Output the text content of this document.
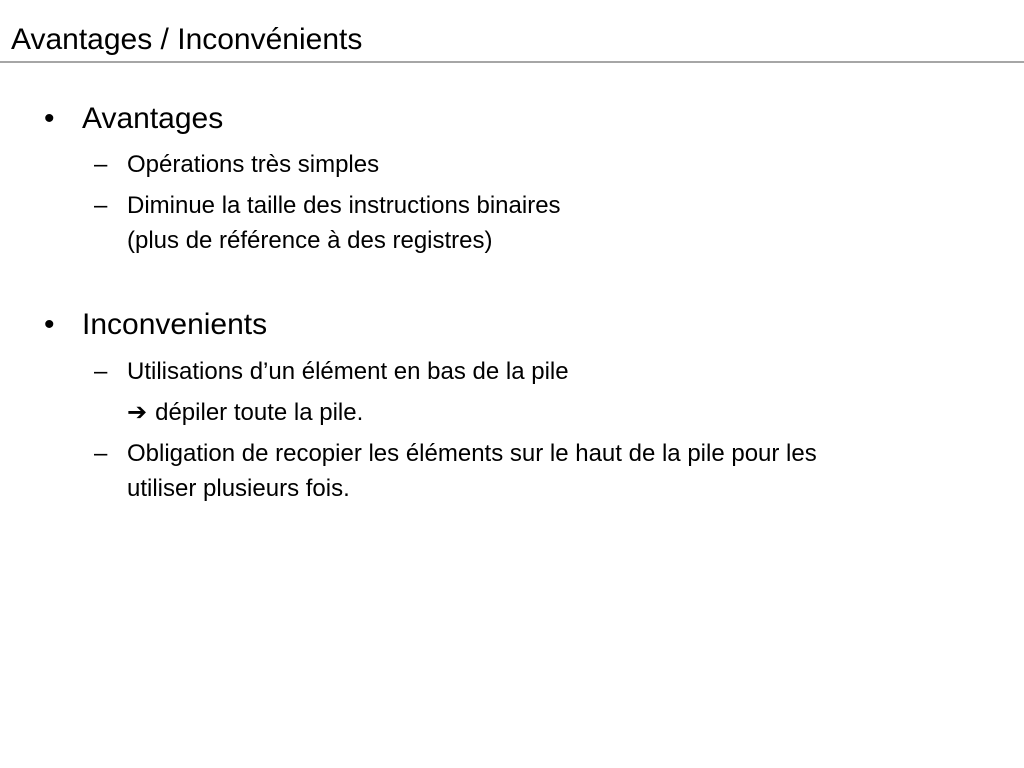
Avantages / Inconvénients
• Avantages
– Opérations très simples
– Diminue la taille des instructions binaires
(plus de référence à des registres)
• Inconvenients
– Utilisations d’un élément en bas de la pile
➔ dépiler toute la pile.
– Obligation de recopier les éléments sur le haut de la pile pour les
utiliser plusieurs fois.
